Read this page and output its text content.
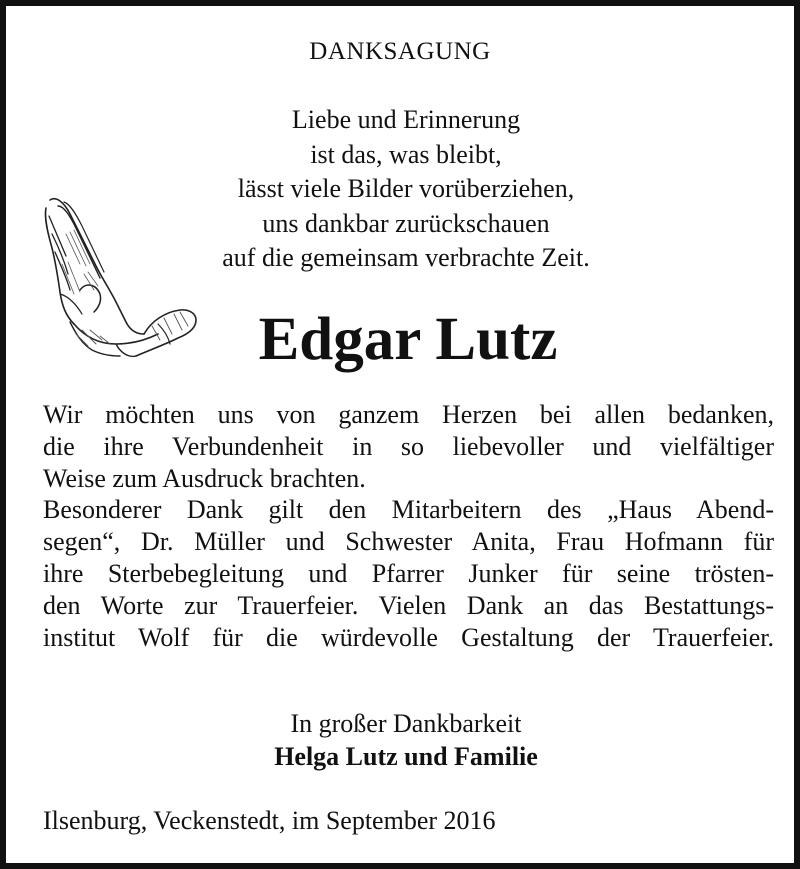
DANKSAGUNG
Liebe und Erinnerung
ist das, was bleibt,
lässt viele Bilder vorüberziehen,
uns dankbar zurückschauen
auf die gemeinsam verbrachte Zeit.
Edgar Lutz
Wir möchten uns von ganzem Herzen bei allen bedanken,
die ihre Verbundenheit in so liebevoller und vielfältiger
Weise zum Ausdruck brachten.
Besonderer Dank gilt den Mitarbeitern des „Haus Abend-
segen“, Dr. Müller und Schwester Anita, Frau Hofmann für
ihre Sterbebegleitung und Pfarrer Junker für seine trösten-
den Worte zur Trauerfeier. Vielen Dank an das Bestattungs-
institut Wolf für die würdevolle Gestaltung der Trauerfeier.
In großer Dankbarkeit
Helga Lutz und Familie
Ilsenburg, Veckenstedt, im September 2016
